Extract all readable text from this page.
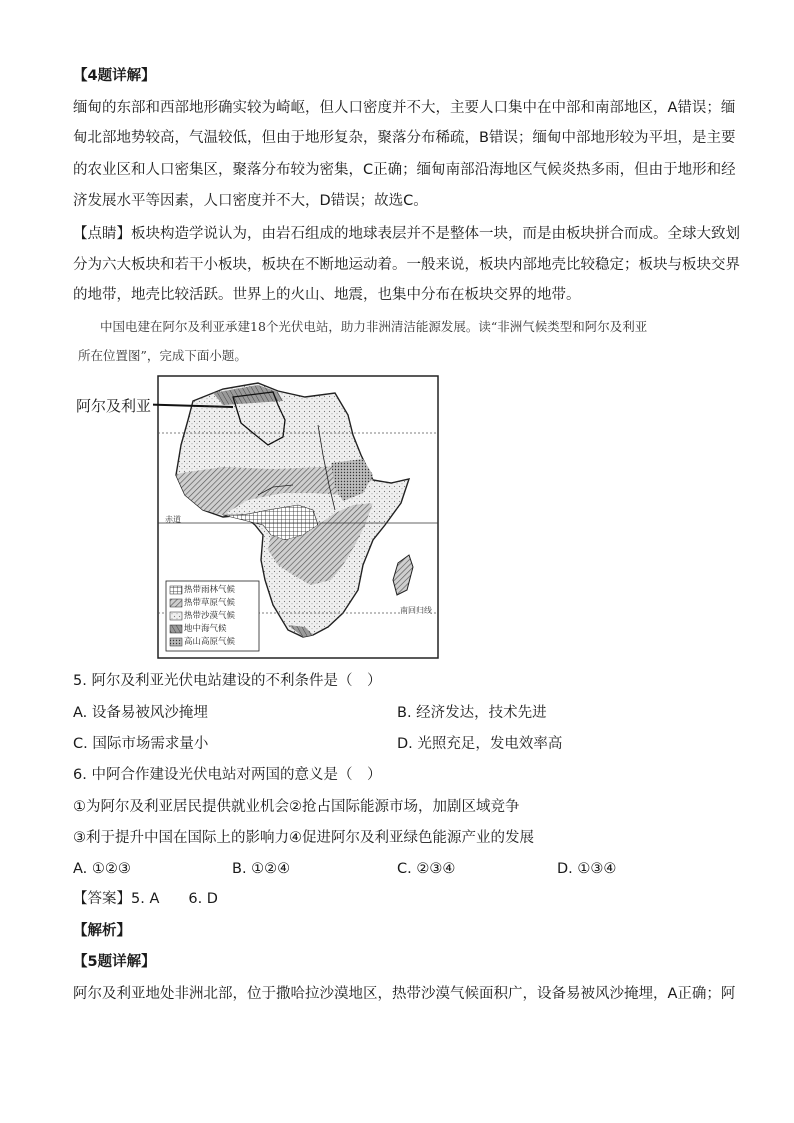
【4题详解】
缅甸的东部和西部地形确实较为崎岖，但人口密度并不大，主要人口集中在中部和南部地区，A错误；缅
甸北部地势较高，气温较低，但由于地形复杂，聚落分布稀疏，B错误；缅甸中部地形较为平坦，是主要
的农业区和人口密集区，聚落分布较为密集，C正确；缅甸南部沿海地区气候炎热多雨，但由于地形和经
济发展水平等因素，人口密度并不大，D错误；故选C。
【点睛】板块构造学说认为，由岩石组成的地球表层并不是整体一块，而是由板块拼合而成。全球大致划
分为六大板块和若干小板块，板块在不断地运动着。一般来说，板块内部地壳比较稳定；板块与板块交界
的地带，地壳比较活跃。世界上的火山、地震，也集中分布在板块交界的地带。
中国电建在阿尔及利亚承建18个光伏电站，助力非洲清洁能源发展。读“非洲气候类型和阿尔及利亚
所在位置图”，完成下面小题。
阿尔及利亚
赤道
南回归线
热带雨林气候
热带草原气候
热带沙漠气候
地中海气候
高山高原气候
5. 阿尔及利亚光伏电站建设的不利条件是（　）
A. 设备易被风沙掩埋	B. 经济发达，技术先进
C. 国际市场需求量小	D. 光照充足，发电效率高
6. 中阿合作建设光伏电站对两国的意义是（　）
①为阿尔及利亚居民提供就业机会②抢占国际能源市场，加剧区域竞争
③利于提升中国在国际上的影响力④促进阿尔及利亚绿色能源产业的发展
A. ①②③	B. ①②④	C. ②③④	D. ①③④
【答案】5. A　　6. D
【解析】
【5题详解】
阿尔及利亚地处非洲北部，位于撒哈拉沙漠地区，热带沙漠气候面积广，设备易被风沙掩埋，A正确；阿
